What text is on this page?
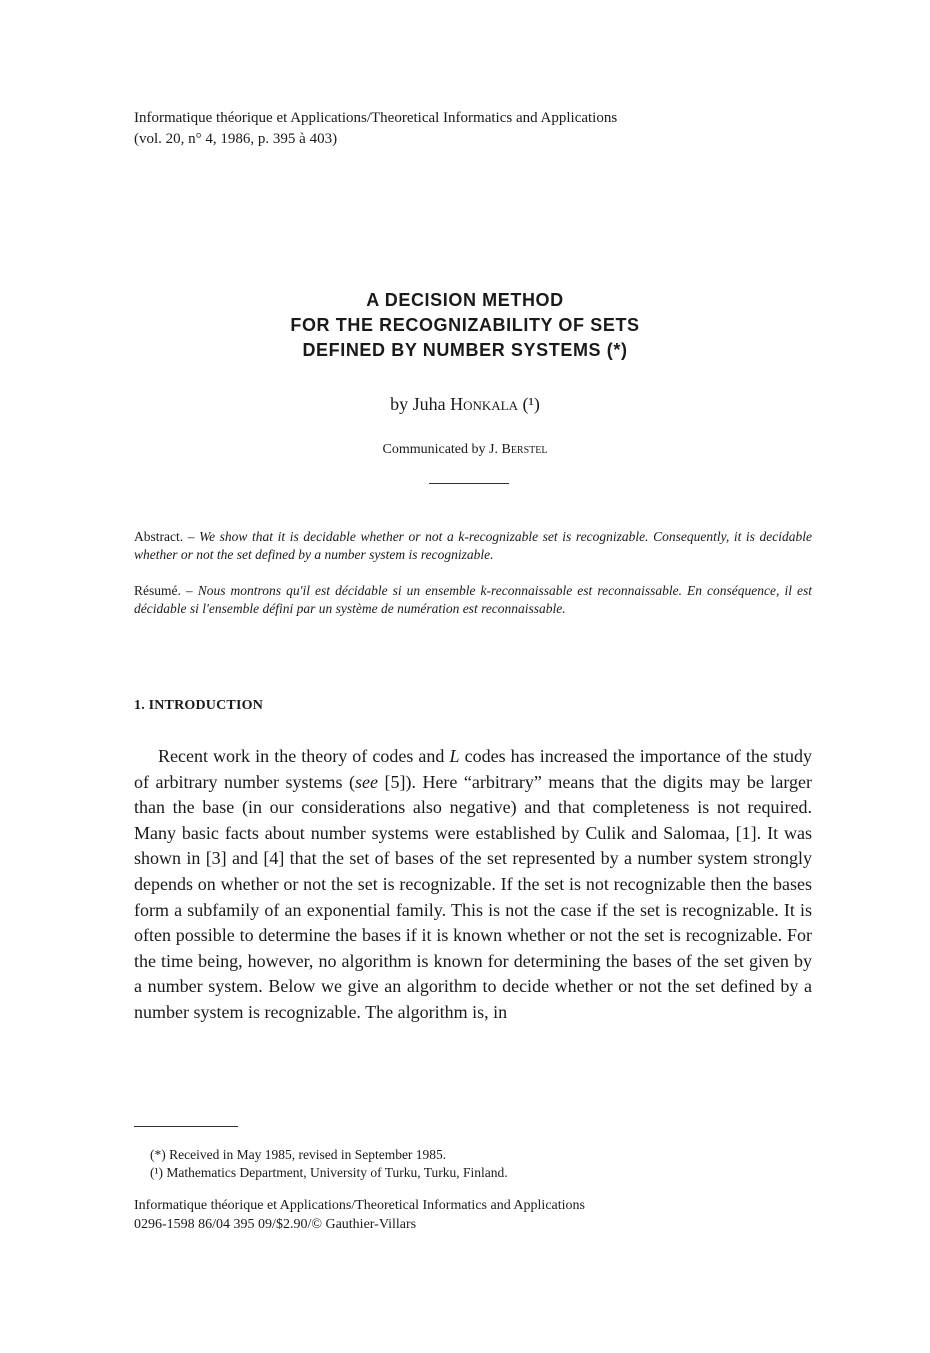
Informatique théorique et Applications/Theoretical Informatics and Applications
(vol. 20, n° 4, 1986, p. 395 à 403)
A DECISION METHOD
FOR THE RECOGNIZABILITY OF SETS
DEFINED BY NUMBER SYSTEMS (*)
by Juha Honkala (¹)
Communicated by J. Berstel
Abstract. – We show that it is decidable whether or not a k-recognizable set is recognizable. Consequently, it is decidable whether or not the set defined by a number system is recognizable.
Résumé. – Nous montrons qu'il est décidable si un ensemble k-reconnaissable est reconnaissable. En conséquence, il est décidable si l'ensemble défini par un système de numération est reconnaissable.
1. INTRODUCTION
Recent work in the theory of codes and L codes has increased the importance of the study of arbitrary number systems (see [5]). Here “arbitrary” means that the digits may be larger than the base (in our considerations also negative) and that completeness is not required. Many basic facts about number systems were established by Culik and Salomaa, [1]. It was shown in [3] and [4] that the set of bases of the set represented by a number system strongly depends on whether or not the set is recognizable. If the set is not recognizable then the bases form a subfamily of an exponential family. This is not the case if the set is recognizable. It is often possible to determine the bases if it is known whether or not the set is recognizable. For the time being, however, no algorithm is known for determining the bases of the set given by a number system. Below we give an algorithm to decide whether or not the set defined by a number system is recognizable. The algorithm is, in
(*) Received in May 1985, revised in September 1985.
(¹) Mathematics Department, University of Turku, Turku, Finland.
Informatique théorique et Applications/Theoretical Informatics and Applications
0296-1598 86/04 395 09/$2.90/© Gauthier-Villars
